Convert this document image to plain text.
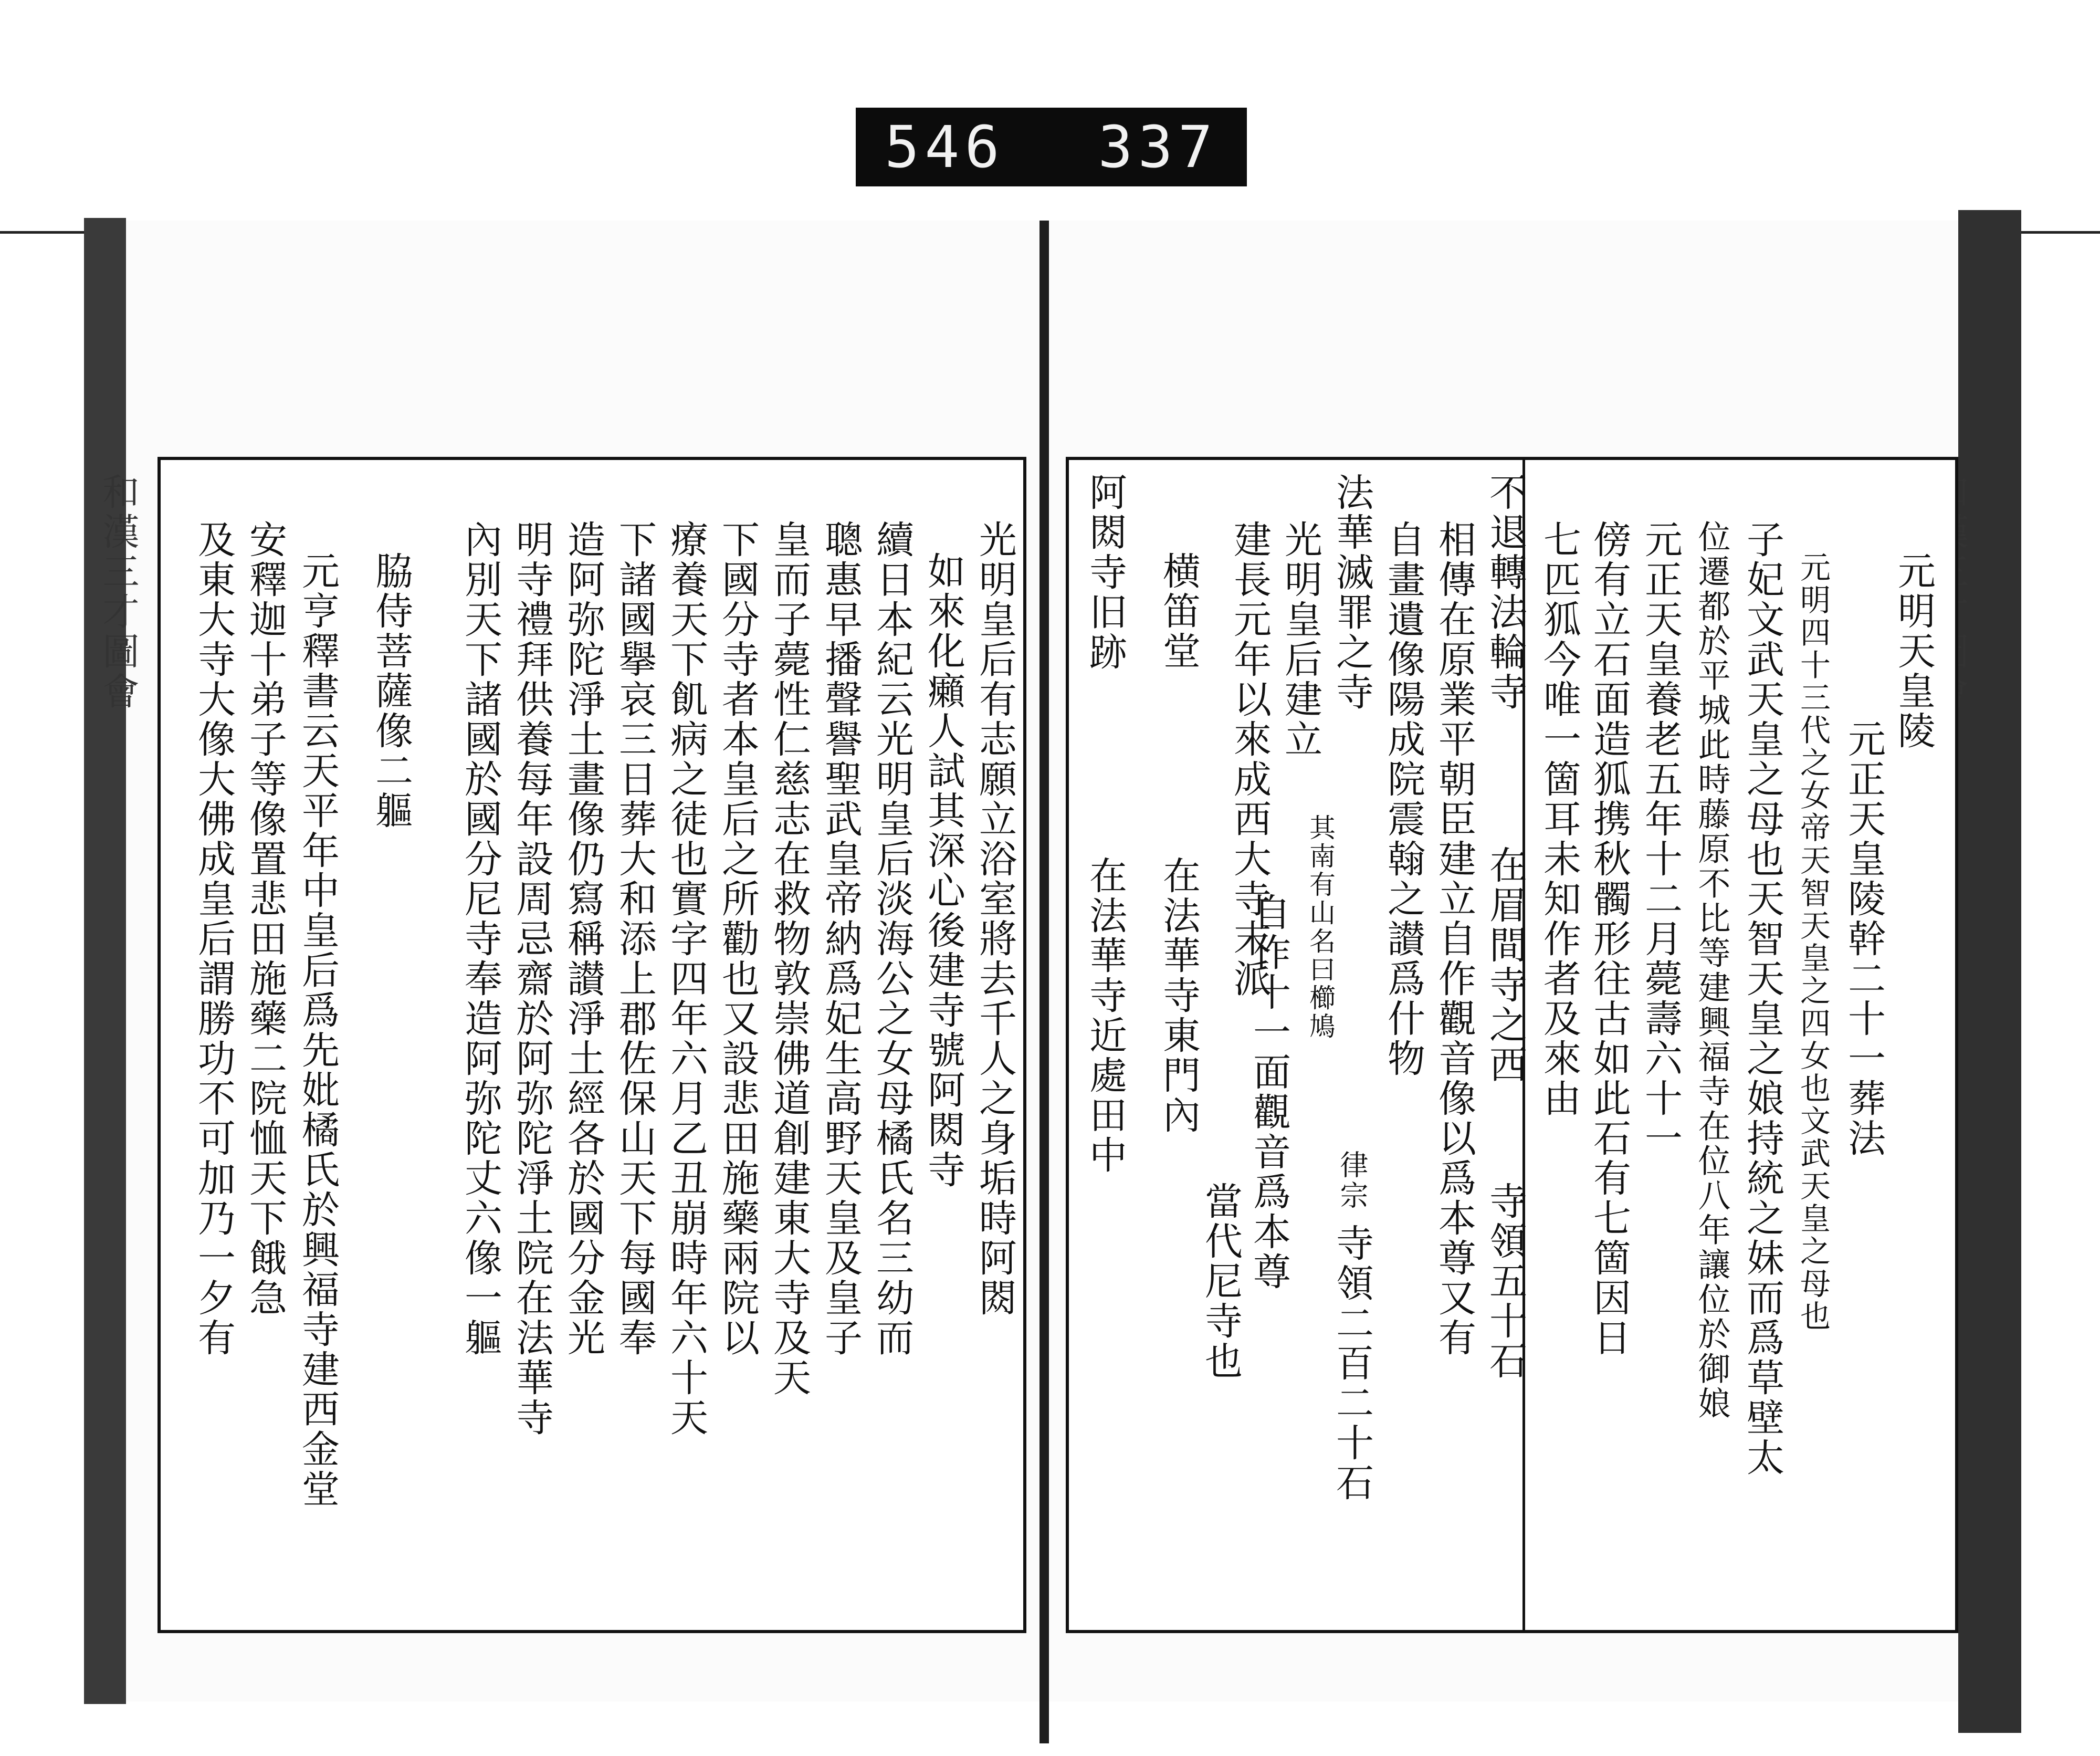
546 337
和漢三才圖會	光明皇后有志願立浴室將去千人之身垢時阿閦
如來化癩人試其深心後建寺號阿閦寺
續日本紀云光明皇后淡海公之女母橘氏名三幼而
聰惠早播聲譽聖武皇帝納爲妃生高野天皇及皇子
皇而子薨性仁慈志在救物敦崇佛道創建東大寺及天
下國分寺者本皇后之所勸也又設悲田施藥兩院以
療養天下飢病之徒也實字四年六月乙丑崩時年六十天
下諸國擧哀三日葬大和添上郡佐保山天下每國奉
造阿弥陀淨土畫像仍寫稱讃淨土經各於國分金光
明寺禮拜供養每年設周忌齋於阿弥陀淨土院在法華寺
內別天下諸國於國分尼寺奉造阿弥陀丈六像一軀
脇侍菩薩像二軀
元亨釋書云天平年中皇后爲先妣橘氏於興福寺建西金堂
安釋迦十弟子等像置悲田施藥二院恤天下餓急
及東大寺大像大佛成皇后謂勝功不可加乃一夕有	元明天皇陵
元正天皇陵幹二十一葬法
元明四十三代之女帝天智天皇之四女也文武天皇之母也
子妃文武天皇之母也天智天皇之娘持統之妹而爲草壁太
位遷都於平城此時藤原不比等建興福寺在位八年讓位於御娘
元正天皇養老五年十二月薨壽六十一
傍有立石面造狐携秋髑形往古如此石有七箇因日
七匹狐今唯一箇耳未知作者及來由
不退轉法輪寺
在眉間寺之西
寺領五十石
相傳在原業平朝臣建立自作觀音像以爲本尊又有
自畫遺像陽成院震翰之讃爲什物
法華滅罪之寺
其南有山名曰櫛鳩
律宗
寺領二百二十石
光明皇后建立
自作十一面觀音爲本尊
建長元年以來成西大寺末派
當代尼寺也
横笛堂
在法華寺東門內
阿閦寺旧跡
在法華寺近處田中
